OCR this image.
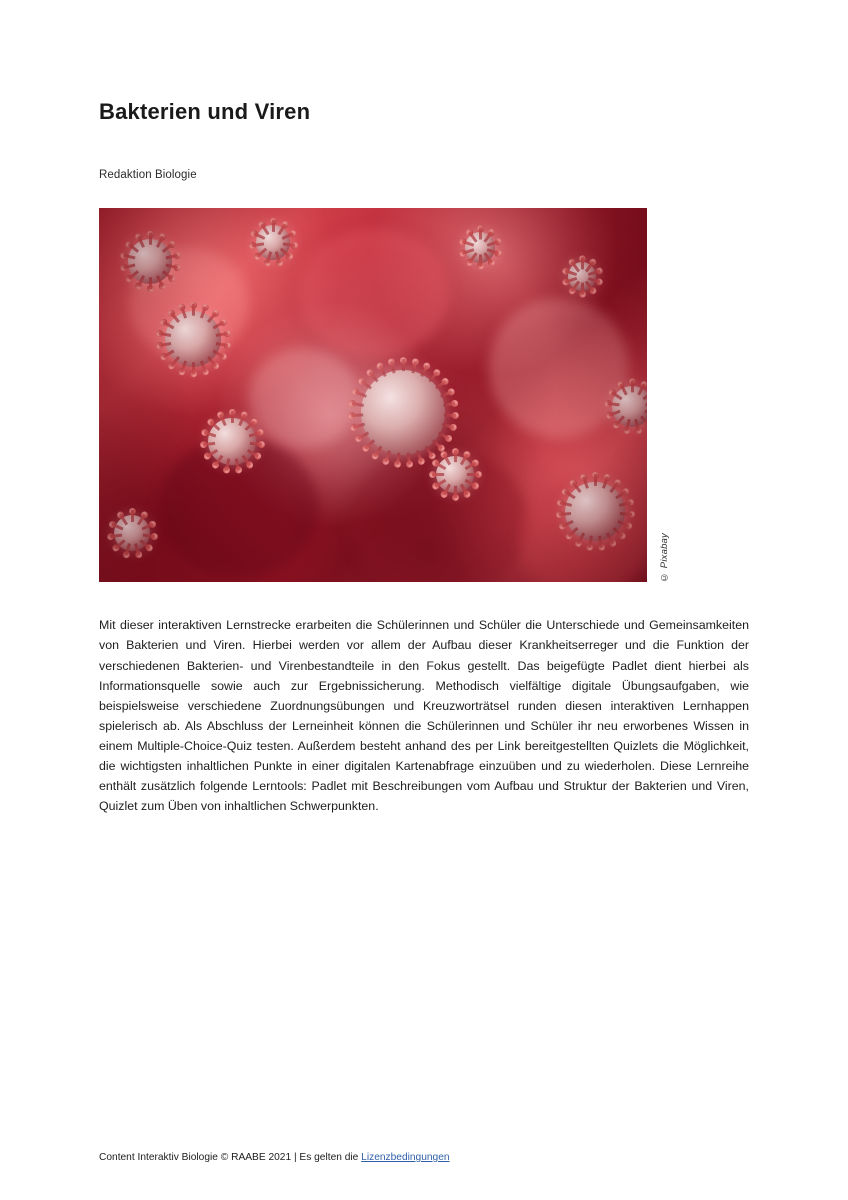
Bakterien und Viren

Redaktion Biologie

© Pixabay

Mit dieser interaktiven Lernstrecke erarbeiten die Schülerinnen und Schüler die Unterschiede und Gemeinsamkeiten von Bakterien und Viren. Hierbei werden vor allem der Aufbau dieser Krankheitserreger und die Funktion der verschiedenen Bakterien- und Virenbestandteile in den Fokus gestellt. Das beigefügte Padlet dient hierbei als Informationsquelle sowie auch zur Ergebnissicherung. Methodisch vielfältige digitale Übungsaufgaben, wie beispielsweise verschiedene Zuordnungsübungen und Kreuzworträtsel runden diesen interaktiven Lernhappen spielerisch ab. Als Abschluss der Lerneinheit können die Schülerinnen und Schüler ihr neu erworbenes Wissen in einem Multiple-Choice-Quiz testen. Außerdem besteht anhand des per Link bereitgestellten Quizlets die Möglichkeit, die wichtigsten inhaltlichen Punkte in einer digitalen Kartenabfrage einzuüben und zu wiederholen. Diese Lernreihe enthält zusätzlich folgende Lerntools: Padlet mit Beschreibungen vom Aufbau und Struktur der Bakterien und Viren, Quizlet zum Üben von inhaltlichen Schwerpunkten.

Content Interaktiv Biologie © RAABE 2021 | Es gelten die Lizenzbedingungen
